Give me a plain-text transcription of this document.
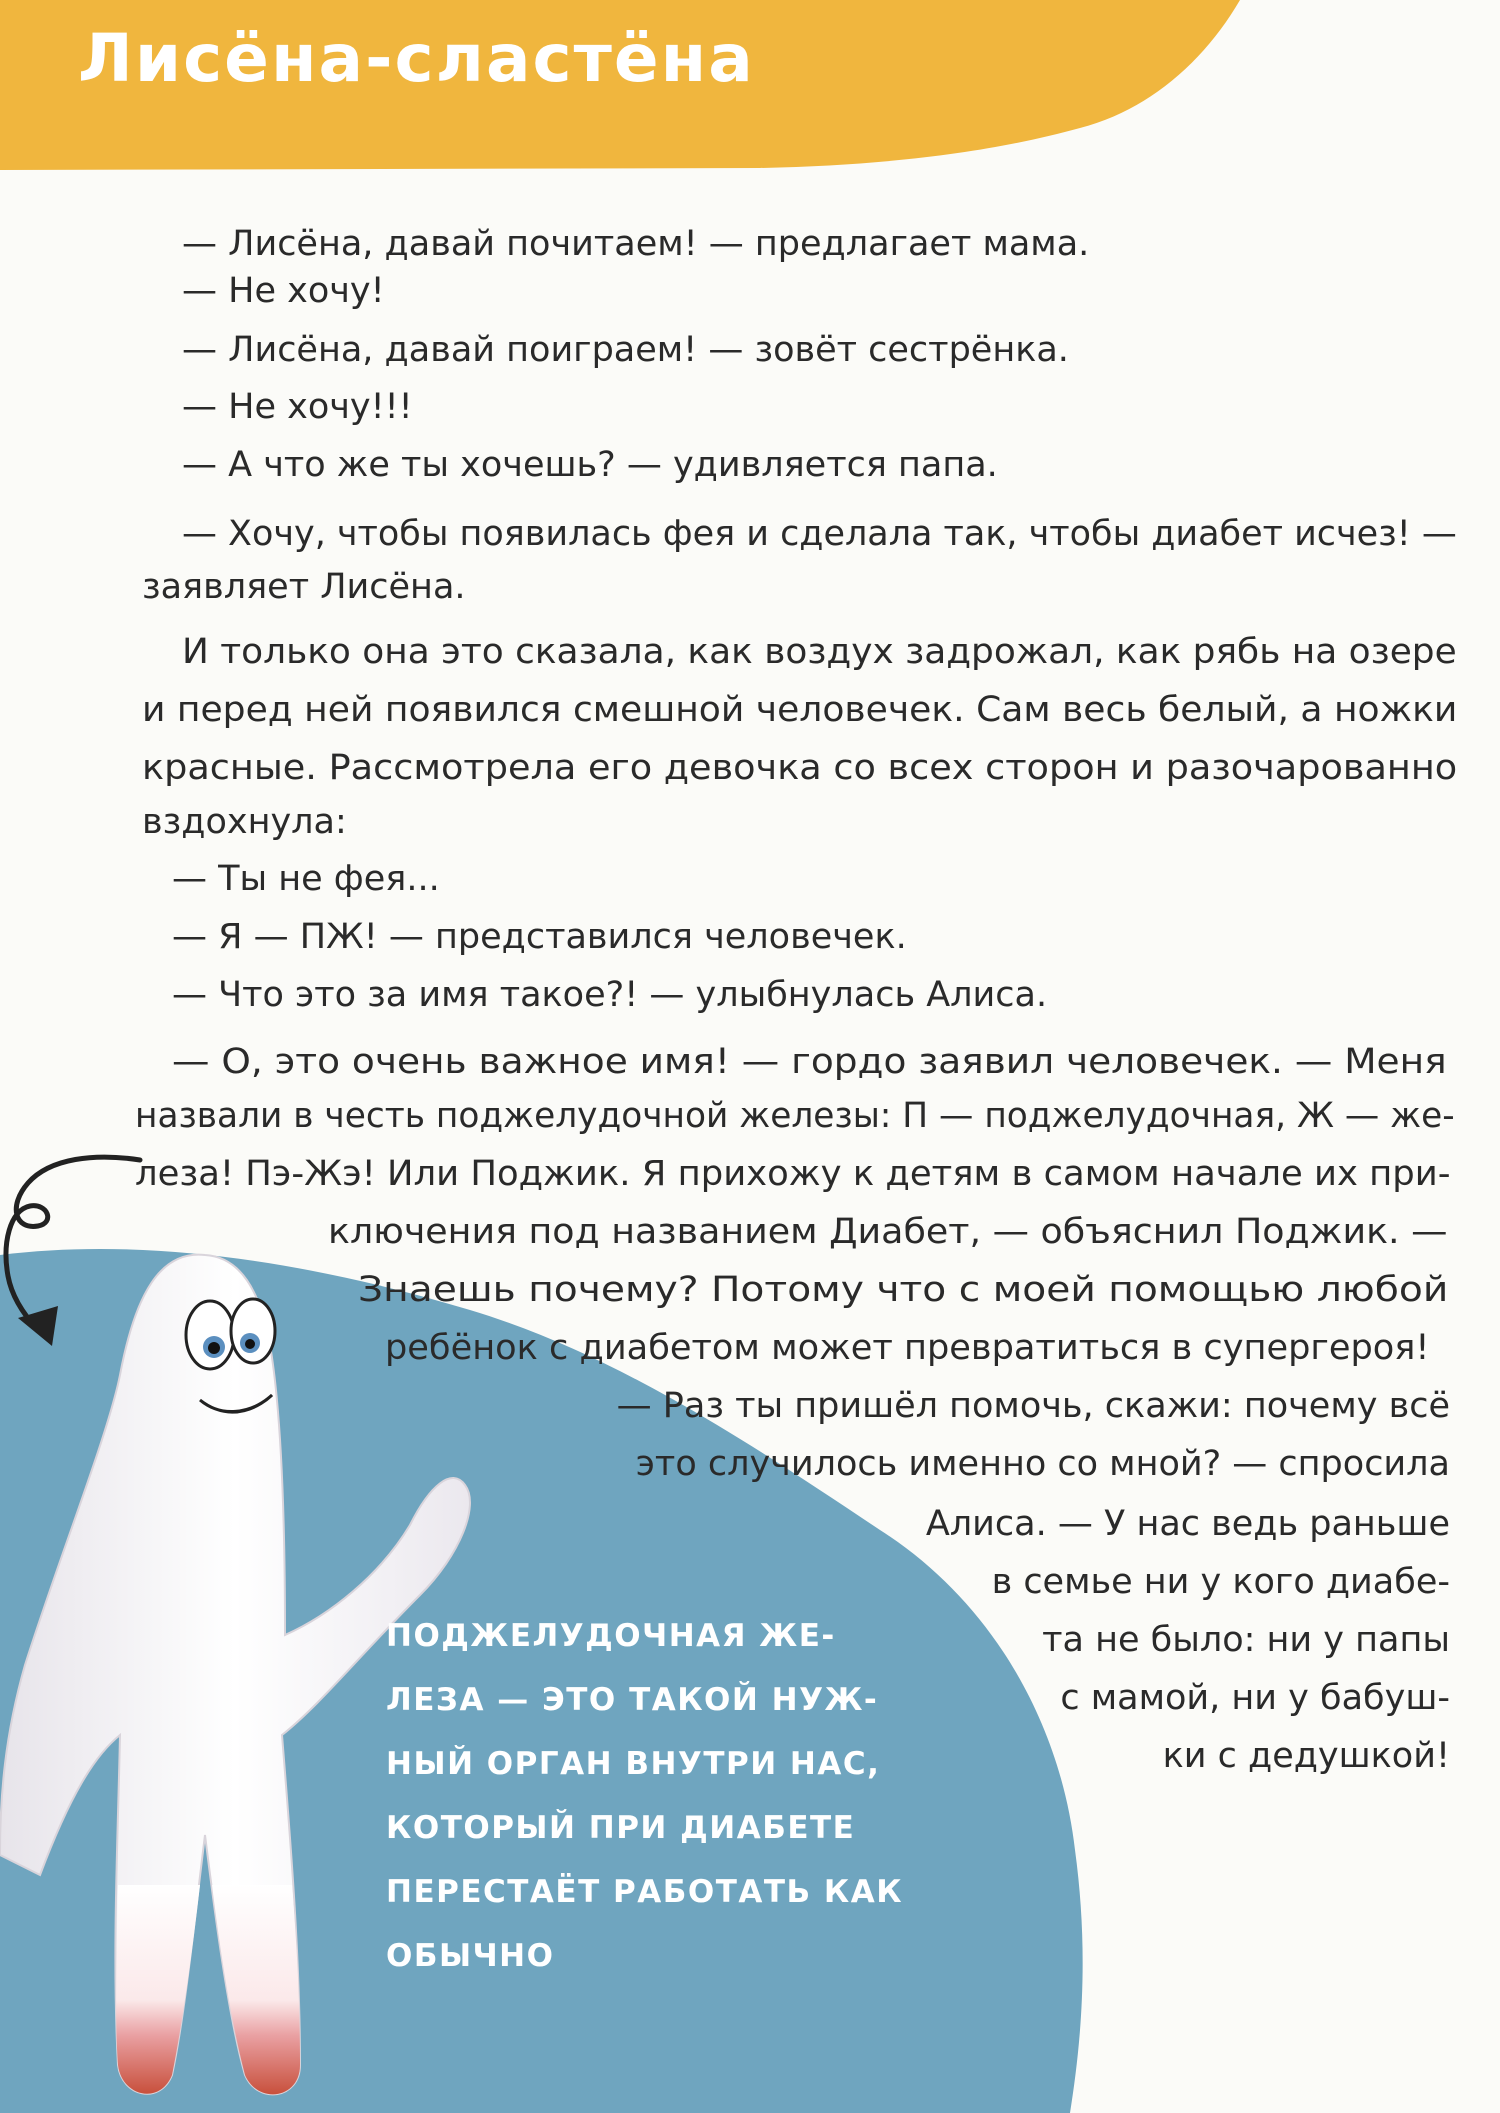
Лисёна-сластёна

— Лисёна, давай почитаем! — предлагает мама.

— Не хочу!

— Лисёна, давай поиграем! — зовёт сестрёнка.

— Не хочу!!!

— А что же ты хочешь? — удивляется папа.

— Хочу, чтобы появилась фея и сделала так, чтобы диабет исчез! —

заявляет Лисёна.

И только она это сказала, как воздух задрожал, как рябь на озере

и перед ней появился смешной человечек. Сам весь белый, а ножки

красные. Рассмотрела его девочка со всех сторон и разочарованно

вздохнула:

— Ты не фея...

— Я — ПЖ! — представился человечек.

— Что это за имя такое?! — улыбнулась Алиса.

— О, это очень важное имя! — гордо заявил человечек. — Меня

назвали в честь поджелудочной железы: П — поджелудочная, Ж — же-

леза! Пэ-Жэ! Или Поджик. Я прихожу к детям в самом начале их при-

ключения под названием Диабет, — объяснил Поджик. —

Знаешь почему? Потому что с моей помощью любой

ребёнок с диабетом может превратиться в супергероя!

— Раз ты пришёл помочь, скажи: почему всё

это случилось именно со мной? — спросила

Алиса. — У нас ведь раньше

в семье ни у кого диабе-

та не было: ни у папы

с мамой, ни у бабуш-

ки с дедушкой!

ПОДЖЕЛУДОЧНАЯ ЖЕ-

ЛЕЗА — ЭТО ТАКОЙ НУЖ-

НЫЙ ОРГАН ВНУТРИ НАС,

КОТОРЫЙ ПРИ ДИАБЕТЕ

ПЕРЕСТАЁТ РАБОТАТЬ КАК

ОБЫЧНО
